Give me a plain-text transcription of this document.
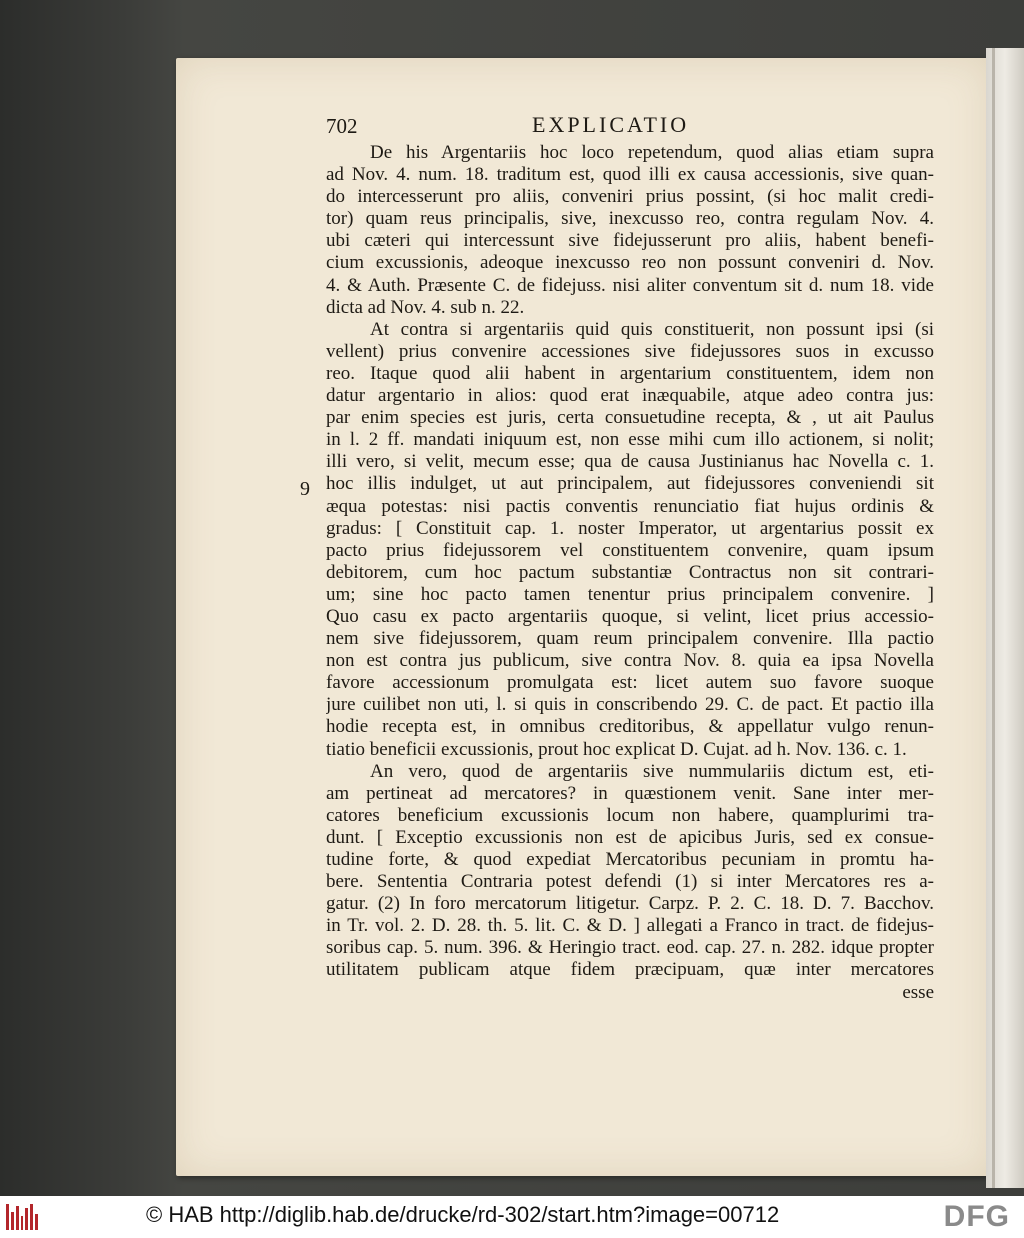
702	EXPLICATIO
9
De his Argentariis hoc loco repetendum, quod alias etiam supra
ad Nov. 4. num. 18. traditum est, quod illi ex causa accessionis, sive quan-
do intercesserunt pro aliis, conveniri prius possint, (si hoc malit credi-
tor) quam reus principalis, sive, inexcusso reo, contra regulam Nov. 4.
ubi cæteri qui intercessunt sive fidejusserunt pro aliis, habent benefi-
cium excussionis, adeoque inexcusso reo non possunt conveniri d. Nov.
4. & Auth. Præsente C. de fidejuss. nisi aliter conventum sit d. num 18. vide
dicta ad Nov. 4. sub n. 22.
At contra si argentariis quid quis constituerit, non possunt ipsi (si
vellent) prius convenire accessiones sive fidejussores suos in excusso
reo. Itaque quod alii habent in argentarium constituentem, idem non
datur argentario in alios: quod erat inæquabile, atque adeo contra jus:
par enim species est juris, certa consuetudine recepta, & , ut ait Paulus
in l. 2 ff. mandati iniquum est, non esse mihi cum illo actionem, si nolit;
illi vero, si velit, mecum esse; qua de causa Justinianus hac Novella c. 1.
hoc illis indulget, ut aut principalem, aut fidejussores conveniendi sit
æqua potestas: nisi pactis conventis renunciatio fiat hujus ordinis &
gradus: [ Constituit cap. 1. noster Imperator, ut argentarius possit ex
pacto prius fidejussorem vel constituentem convenire, quam ipsum
debitorem, cum hoc pactum substantiæ Contractus non sit contrari-
um; sine hoc pacto tamen tenentur prius principalem convenire. ]
Quo casu ex pacto argentariis quoque, si velint, licet prius accessio-
nem sive fidejussorem, quam reum principalem convenire. Illa pactio
non est contra jus publicum, sive contra Nov. 8. quia ea ipsa Novella
favore accessionum promulgata est: licet autem suo favore suoque
jure cuilibet non uti, l. si quis in conscribendo 29. C. de pact. Et pactio illa
hodie recepta est, in omnibus creditoribus, & appellatur vulgo renun-
tiatio beneficii excussionis, prout hoc explicat D. Cujat. ad h. Nov. 136. c. 1.
An vero, quod de argentariis sive nummulariis dictum est, eti-
am pertineat ad mercatores? in quæstionem venit. Sane inter mer-
catores beneficium excussionis locum non habere, quamplurimi tra-
dunt. [ Exceptio excussionis non est de apicibus Juris, sed ex consue-
tudine forte, & quod expediat Mercatoribus pecuniam in promtu ha-
bere. Sententia Contraria potest defendi (1) si inter Mercatores res a-
gatur. (2) In foro mercatorum litigetur. Carpz. P. 2. C. 18. D. 7. Bacchov.
in Tr. vol. 2. D. 28. th. 5. lit. C. & D. ] allegati a Franco in tract. de fidejus-
soribus cap. 5. num. 396. & Heringio tract. eod. cap. 27. n. 282. idque propter
utilitatem publicam atque fidem præcipuam, quæ inter mercatores
esse
© HAB http://diglib.hab.de/drucke/rd-302/start.htm?image=00712	DFG
